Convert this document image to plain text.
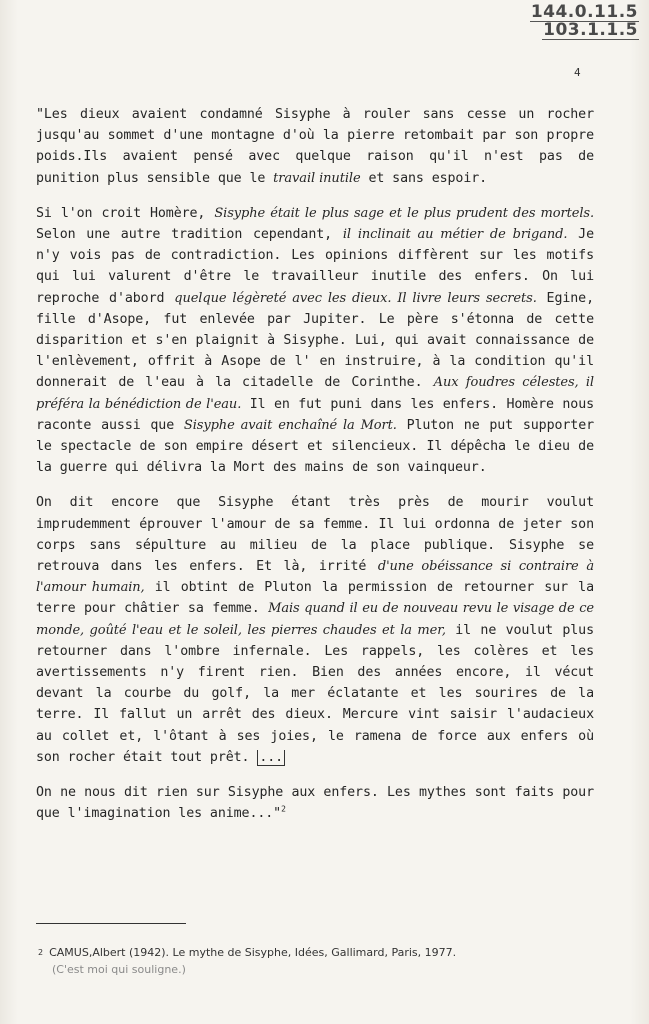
144.0.11.5
103.1.1.5
4

"Les dieux avaient condamné Sisyphe à rouler sans cesse un rocher jusqu'au sommet d'une montagne d'où la pierre retombait par son propre poids.Ils avaient pensé avec quelque raison qu'il n'est pas de punition plus sensible que le travail inutile et sans espoir.

Si l'on croit Homère, Sisyphe était le plus sage et le plus prudent des mortels. Selon une autre tradition cependant, il inclinait au métier de brigand. Je n'y vois pas de contradiction. Les opinions diffèrent sur les motifs qui lui valurent d'être le travailleur inutile des enfers. On lui reproche d'abord quelque légèreté avec les dieux. Il livre leurs secrets. Egine, fille d'Asope, fut enlevée par Jupiter. Le père s'étonna de cette disparition et s'en plaignit à Sisyphe. Lui, qui avait connaissance de l'enlèvement, offrit à Asope de l' en instruire, à la condition qu'il donnerait de l'eau à la citadelle de Corinthe. Aux foudres célestes, il préféra la bénédiction de l'eau. Il en fut puni dans les enfers. Homère nous raconte aussi que Sisyphe avait enchaîné la Mort. Pluton ne put supporter le spectacle de son empire désert et silencieux. Il dépêcha le dieu de la guerre qui délivra la Mort des mains de son vainqueur.

On dit encore que Sisyphe étant très près de mourir voulut imprudemment éprouver l'amour de sa femme. Il lui ordonna de jeter son corps sans sépulture au milieu de la place publique. Sisyphe se retrouva dans les enfers. Et là, irrité d'une obéissance si contraire à l'amour humain, il obtint de Pluton la permission de retourner sur la terre pour châtier sa femme. Mais quand il eu de nouveau revu le visage de ce monde, goûté l'eau et le soleil, les pierres chaudes et la mer, il ne voulut plus retourner dans l'ombre infernale. Les rappels, les colères et les avertissements n'y firent rien. Bien des années encore, il vécut devant la courbe du golf, la mer éclatante et les sourires de la terre. Il fallut un arrêt des dieux. Mercure vint saisir l'audacieux au collet et, l'ôtant à ses joies, le ramena de force aux enfers où son rocher était tout prêt. ...

On ne nous dit rien sur Sisyphe aux enfers. Les mythes sont faits pour que l'imagination les anime..."$^2$

$^2$ CAMUS,Albert (1942). Le mythe de Sisyphe, Idées, Gallimard, Paris, 1977.
(C'est moi qui souligne.)
